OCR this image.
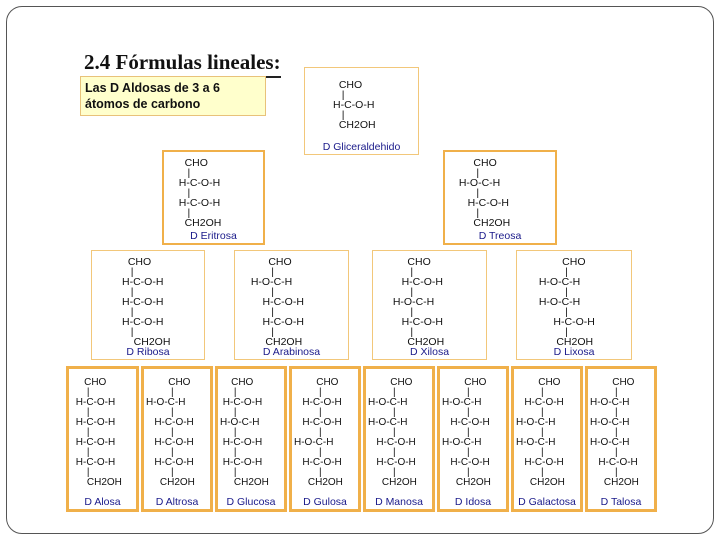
2.4 Fórmulas lineales:
Las D Aldosas de 3 a 6 átomos de carbono
CHO
|
H-C-O-H
|
CH2OH
D Gliceraldehido
CHO
|
H-C-O-H
|
H-C-O-H
|
CH2OH
D Eritrosa
CHO
|
H-O-C-H
|
H-C-O-H
|
CH2OH
D Treosa
CHO
|
H-C-O-H
|
H-C-O-H
|
H-C-O-H
|
CH2OH
D Ribosa
CHO
|
H-O-C-H
|
H-C-O-H
|
H-C-O-H
|
CH2OH
D Arabinosa
CHO
|
H-C-O-H
|
H-O-C-H
|
H-C-O-H
|
CH2OH
D Xilosa
CHO
|
H-O-C-H
|
H-O-C-H
|
H-C-O-H
|
CH2OH
D Lixosa
CHO
|
H-C-O-H
|
H-C-O-H
|
H-C-O-H
|
H-C-O-H
|
CH2OH
D Alosa
CHO
|
H-O-C-H
|
H-C-O-H
|
H-C-O-H
|
H-C-O-H
|
CH2OH
D Altrosa
CHO
|
H-C-O-H
|
H-O-C-H
|
H-C-O-H
|
H-C-O-H
|
CH2OH
D Glucosa
CHO
|
H-C-O-H
|
H-C-O-H
|
H-O-C-H
|
H-C-O-H
|
CH2OH
D Gulosa
CHO
|
H-O-C-H
|
H-O-C-H
|
H-C-O-H
|
H-C-O-H
|
CH2OH
D Manosa
CHO
|
H-O-C-H
|
H-C-O-H
|
H-O-C-H
|
H-C-O-H
|
CH2OH
D Idosa
CHO
|
H-C-O-H
|
H-O-C-H
|
H-O-C-H
|
H-C-O-H
|
CH2OH
D Galactosa
CHO
|
H-O-C-H
|
H-O-C-H
|
H-O-C-H
|
H-C-O-H
|
CH2OH
D Talosa
